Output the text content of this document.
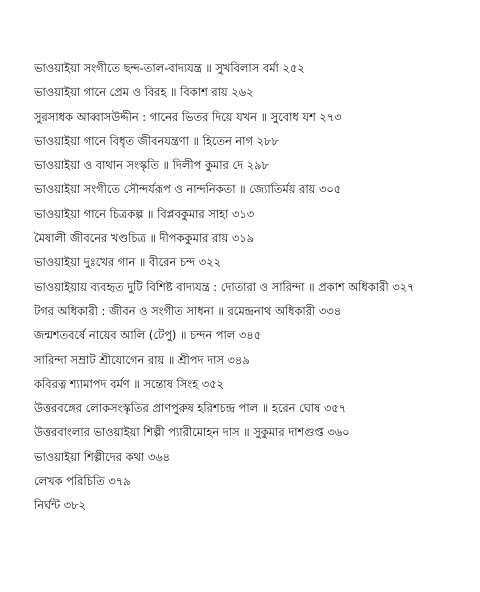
ভাওয়াইয়া সংগীতে ছন্দ-তাল-বাদ্যযন্ত্র ॥ সুখবিলাস বর্মা ২৫২
ভাওয়াইয়া গানে প্রেম ও বিরহ ॥ বিকাশ রায় ২৬২
সুরসাধক আব্বাসউদ্দীন : গানের ভিতর দিয়ে যখন ॥ সুবোধ যশ ২৭৩
ভাওয়াইয়া গানে বিধৃত জীবনযন্ত্রণা ॥ হিতেন নাগ ২৮৮
ভাওয়াইয়া ও বাথান সংস্কৃতি ॥ দিলীপ কুমার দে ২৯৮
ভাওয়াইয়া সংগীতে সৌন্দর্যরূপ ও নান্দনিকতা ॥ জ্যোতির্ময় রায় ৩০৫
ভাওয়াইয়া গানে চিত্রকল্প ॥ বিপ্লবকুমার সাহা ৩১৩
মৈষালী জীবনের খণ্ডচিত্র ॥ দীপককুমার রায় ৩১৯
ভাওয়াইয়া দুঃখের গান ॥ বীরেন চন্দ ৩২২
ভাওয়াইয়ায় ব্যবহৃত দুটি বিশিষ্ট বাদ্যযন্ত্র : দোতারা ও সারিন্দা ॥ প্রকাশ অধিকারী ৩২৭
টগর অধিকারী : জীবন ও সংগীত সাধনা ॥ রমেন্দ্রনাথ অধিকারী ৩৩৪
জন্মশতবর্ষে নায়েব আলি (টেপু) ॥ চন্দন পাল ৩৪৫
সারিন্দা সম্রাট শ্রীযোগেন রায় ॥ শ্রীপদ দাস ৩৪৯
কবিরত্ন শ্যামাপদ বর্মণ ॥ সন্তোষ সিংহ ৩৫২
উত্তরবঙ্গের লোকসংস্কৃতির প্রাণপুরুষ হরিশচন্দ্র পাল ॥ হরেন ঘোষ ৩৫৭
উত্তরবাংলার ভাওয়াইয়া শিল্পী প্যারীমোহন দাস ॥ সুকুমার দাশগুপ্ত ৩৬০
ভাওয়াইয়া শিল্পীদের কথা ৩৬৪
লেখক পরিচিতি ৩৭৯
নির্ঘন্ট ৩৮২
